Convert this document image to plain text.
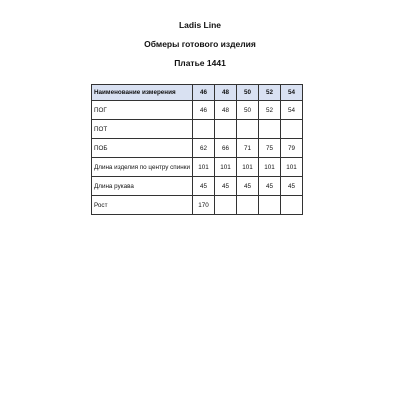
Ladis Line

Обмеры готового изделия

Платье 1441

Наименование измерения	46	48	50	52	54
ПОГ	46	48	50	52	54
ПОТ					
ПОБ	62	66	71	75	79
Длина изделия по центру спинки	101	101	101	101	101
Длина рукава	45	45	45	45	45
Рост	170				
